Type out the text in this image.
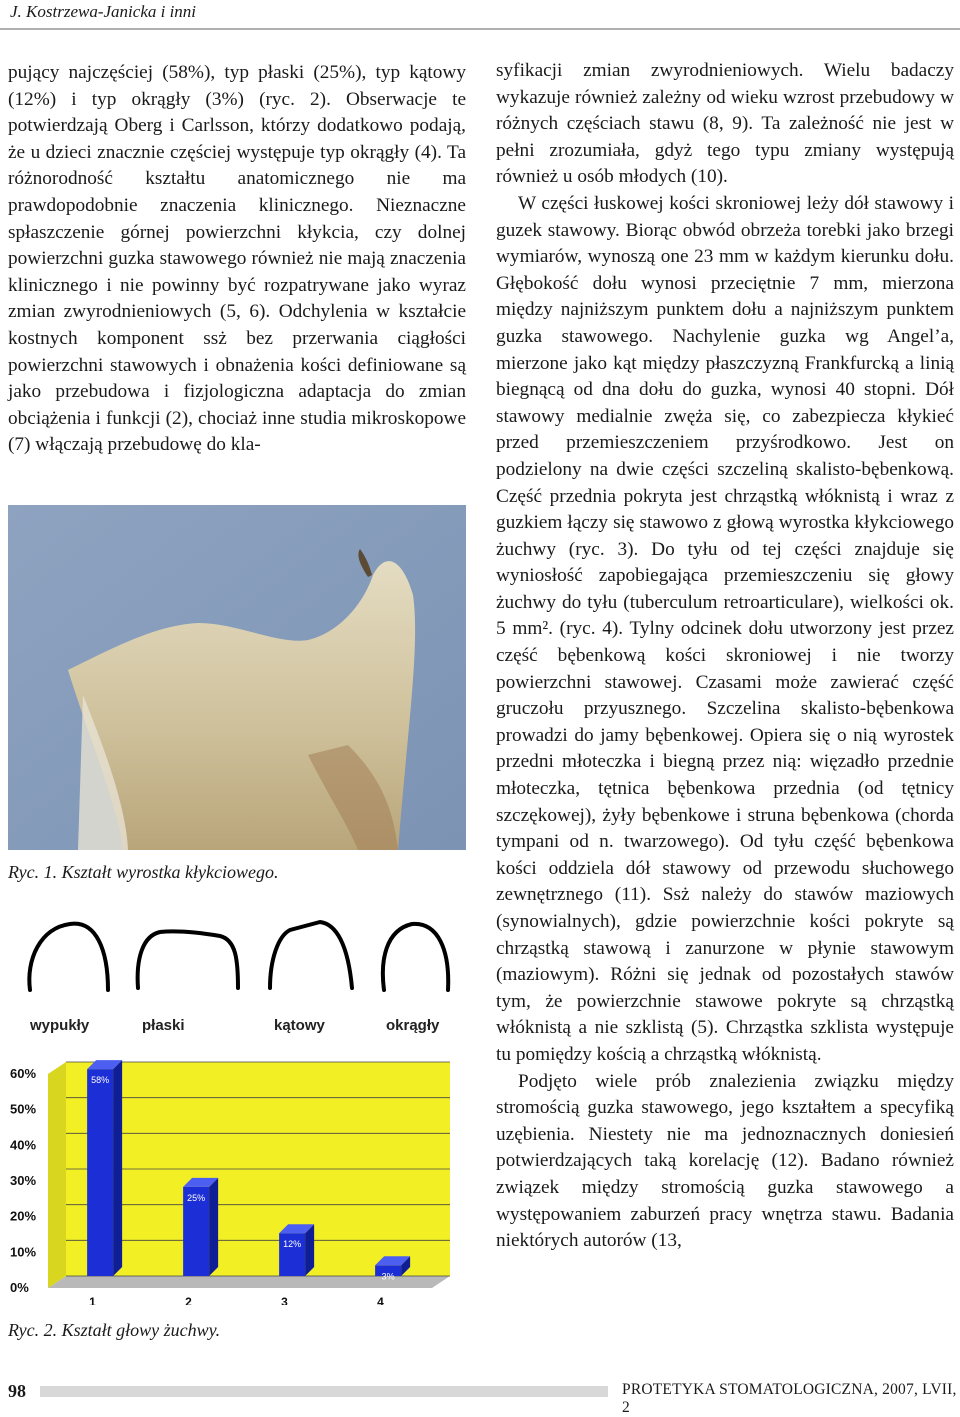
J. Kostrzewa-Janicka i inni

pujący najczęściej (58%), typ płaski (25%), typ kątowy (12%) i typ okrągły (3%) (ryc. 2). Obserwacje te potwierdzają Oberg i Carlsson, którzy dodatkowo podają, że u dzieci znacznie częściej występuje typ okrągły (4). Ta różnorodność kształtu anatomicznego nie ma prawdopodobnie znaczenia klinicznego. Nieznaczne spłaszczenie górnej powierzchni kłykcia, czy dolnej powierzchni guzka stawowego również nie mają znaczenia klinicznego i nie powinny być rozpatrywane jako wyraz zmian zwyrodnieniowych (5, 6). Odchylenia w kształcie kostnych komponent ssż bez przerwania ciągłości powierzchni stawowych i obnażenia kości definiowane są jako przebudowa i fizjologiczna adaptacja do zmian obciążenia i funkcji (2), chociaż inne studia mikroskopowe (7) włączają przebudowę do kla-

Ryc. 1. Kształt wyrostka kłykciowego.
wypukły	płaski	kątowy	okrągły
0%
10%
20%
30%
40%
50%
60%	58%
1
25%
2
12%
3
3%
4
Ryc. 2. Kształt głowy żuchwy.

syfikacji zmian zwyrodnieniowych. Wielu badaczy wykazuje również zależny od wieku wzrost przebudowy w różnych częściach stawu (8, 9). Ta zależność nie jest w pełni zrozumiała, gdyż tego typu zmiany występują również u osób młodych (10).

W części łuskowej kości skroniowej leży dół stawowy i guzek stawowy. Biorąc obwód obrzeża torebki jako brzegi wymiarów, wynoszą one 23 mm w każdym kierunku dołu. Głębokość dołu wynosi przeciętnie 7 mm, mierzona między najniższym punktem dołu a najniższym punktem guzka stawowego. Nachylenie guzka wg Angel’a, mierzone jako kąt między płaszczyzną Frankfurcką a linią biegnącą od dna dołu do guzka, wynosi 40 stopni. Dół stawowy medialnie zwęża się, co zabezpiecza kłykieć przed przemieszczeniem przyśrodkowo. Jest on podzielony na dwie części szczeliną skalisto-bębenkową. Część przednia pokryta jest chrząstką włóknistą i wraz z guzkiem łączy się stawowo z głową wyrostka kłykciowego żuchwy (ryc. 3). Do tyłu od tej części znajduje się wyniosłość zapobiegająca przemieszczeniu się głowy żuchwy do tyłu (tuberculum retroarticulare), wielkości ok. 5 mm². (ryc. 4). Tylny odcinek dołu utworzony jest przez część bębenkową kości skroniowej i nie tworzy powierzchni stawowej. Czasami może zawierać część gruczołu przyusznego. Szczelina skalisto-bębenkowa prowadzi do jamy bębenkowej. Opiera się o nią wyrostek przedni młoteczka i biegną przez nią: więzadło przednie młoteczka, tętnica bębenkowa przednia (od tętnicy szczękowej), żyły bębenkowe i struna bębenkowa (chorda tympani od n. twarzowego). Od tyłu część bębenkowa kości oddziela dół stawowy od przewodu słuchowego zewnętrznego (11). Ssż należy do stawów maziowych (synowialnych), gdzie powierzchnie kości pokryte są chrząstką stawową i zanurzone w płynie stawowym (maziowym). Różni się jednak od pozostałych stawów tym, że powierzchnie stawowe pokryte są chrząstką włóknistą a nie szklistą (5). Chrząstka szklista występuje tu pomiędzy kością a chrząstką włóknistą.

Podjęto wiele prób znalezienia związku między stromością guzka stawowego, jego kształtem a specyfiką uzębienia. Niestety nie ma jednoznacznych doniesień potwierdzających taką korelację (12). Badano również związek między stromością guzka stawowego a występowaniem zaburzeń pracy wnętrza stawu. Badania niektórych autorów (13,

98	PROTETYKA STOMATOLOGICZNA, 2007, LVII, 2
